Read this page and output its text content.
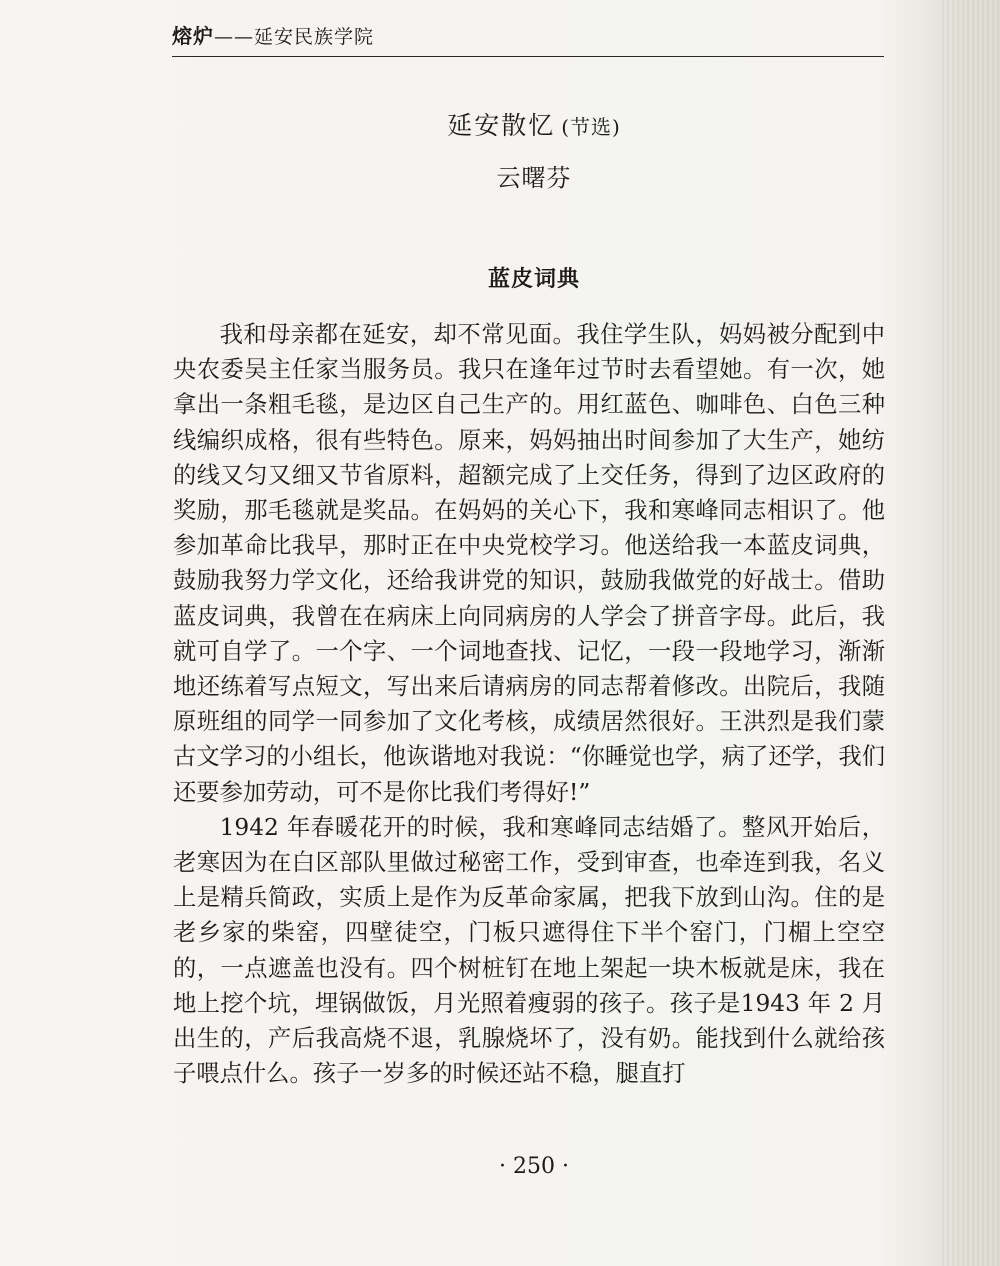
熔炉——延安民族学院
延安散忆 (节选)
云曙芬
蓝皮词典

我和母亲都在延安，却不常见面。我住学生队，妈妈被分配到中央农委吴主任家当服务员。我只在逢年过节时去看望她。有一次，她拿出一条粗毛毯，是边区自己生产的。用红蓝色、咖啡色、白色三种线编织成格，很有些特色。原来，妈妈抽出时间参加了大生产，她纺的线又匀又细又节省原料，超额完成了上交任务，得到了边区政府的奖励，那毛毯就是奖品。在妈妈的关心下，我和寒峰同志相识了。他参加革命比我早，那时正在中央党校学习。他送给我一本蓝皮词典，鼓励我努力学文化，还给我讲党的知识，鼓励我做党的好战士。借助蓝皮词典，我曾在在病床上向同病房的人学会了拼音字母。此后，我就可自学了。一个字、一个词地查找、记忆，一段一段地学习，渐渐地还练着写点短文，写出来后请病房的同志帮着修改。出院后，我随原班组的同学一同参加了文化考核，成绩居然很好。王洪烈是我们蒙古文学习的小组长，他诙谐地对我说：“你睡觉也学，病了还学，我们还要参加劳动，可不是你比我们考得好!”

1942 年春暖花开的时候，我和寒峰同志结婚了。整风开始后，老寒因为在白区部队里做过秘密工作，受到审查，也牵连到我，名义上是精兵简政，实质上是作为反革命家属，把我下放到山沟。住的是老乡家的柴窑，四壁徒空，门板只遮得住下半个窑门，门楣上空空的，一点遮盖也没有。四个树桩钉在地上架起一块木板就是床，我在地上挖个坑，埋锅做饭，月光照着瘦弱的孩子。孩子是1943 年 2 月出生的，产后我高烧不退，乳腺烧坏了，没有奶。能找到什么就给孩子喂点什么。孩子一岁多的时候还站不稳，腿直打

· 250 ·
